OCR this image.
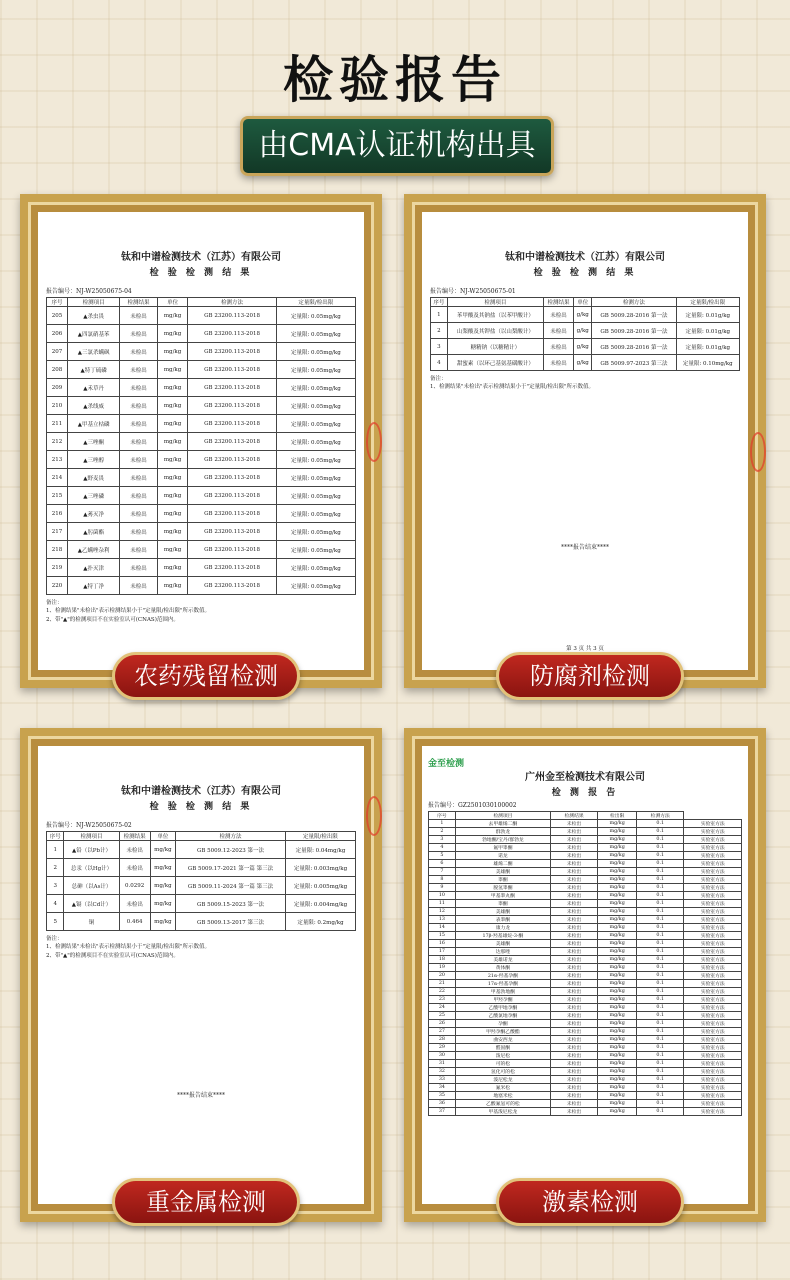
检验报告
由CMA认证机构出具
钛和中谱检测技术（江苏）有限公司
检 验 检 测 结 果
报告编号：NJ-W25050675-04
序号	检测项目	检测结果	单位	检测方法	定量限/检出限
205	▲杀虫畏	未检出	mg/kg	GB 23200.113-2018	定量限: 0.05mg/kg
206	▲四氯硝基苯	未检出	mg/kg	GB 23200.113-2018	定量限: 0.05mg/kg
207	▲三氯杀螨砜	未检出	mg/kg	GB 23200.113-2018	定量限: 0.05mg/kg
208	▲特丁硫磷	未检出	mg/kg	GB 23200.113-2018	定量限: 0.05mg/kg
209	▲禾草丹	未检出	mg/kg	GB 23200.113-2018	定量限: 0.05mg/kg
210	▲杀线威	未检出	mg/kg	GB 23200.113-2018	定量限: 0.05mg/kg
211	▲甲基立枯磷	未检出	mg/kg	GB 23200.113-2018	定量限: 0.05mg/kg
212	▲三唑酮	未检出	mg/kg	GB 23200.113-2018	定量限: 0.05mg/kg
213	▲三唑醇	未检出	mg/kg	GB 23200.113-2018	定量限: 0.05mg/kg
214	▲野麦畏	未检出	mg/kg	GB 23200.113-2018	定量限: 0.05mg/kg
215	▲三唑磷	未检出	mg/kg	GB 23200.113-2018	定量限: 0.05mg/kg
216	▲莠灭净	未检出	mg/kg	GB 23200.113-2018	定量限: 0.05mg/kg
217	▲肟菌酯	未检出	mg/kg	GB 23200.113-2018	定量限: 0.05mg/kg
218	▲乙螨唑杂利	未检出	mg/kg	GB 23200.113-2018	定量限: 0.05mg/kg
219	▲扑灭津	未检出	mg/kg	GB 23200.113-2018	定量限: 0.05mg/kg
220	▲特丁净	未检出	mg/kg	GB 23200.113-2018	定量限: 0.05mg/kg
备注：
1、检测结果"未检出"表示检测结果小于"定量限/检出限"所示数值。
2、带"▲"的检测项目不在实验室认可(CNAS)范围内。
农药残留检测
钛和中谱检测技术（江苏）有限公司
检 验 检 测 结 果
报告编号：NJ-W25050675-01
序号	检测项目	检测结果	单位	检测方法	定量限/检出限
1	苯甲酸及其钠盐（以苯甲酸计）	未检出	g/kg	GB 5009.28-2016 第一法	定量限: 0.01g/kg
2	山梨酸及其钾盐（以山梨酸计）	未检出	g/kg	GB 5009.28-2016 第一法	定量限: 0.01g/kg
3	糖精钠（以糖精计）	未检出	g/kg	GB 5009.28-2016 第一法	定量限: 0.01g/kg
4	甜蜜素（以环己基氨基磺酸计）	未检出	g/kg	GB 5009.97-2023 第三法	定量限: 0.10mg/kg
备注：
1、检测结果"未检出"表示检测结果小于"定量限/检出限"所示数值。
****报告结束****
第 3 页 共 3 页
防腐剂检测
钛和中谱检测技术（江苏）有限公司
检 验 检 测 结 果
报告编号：NJ-W25050675-02
序号	检测项目	检测结果	单位	检测方法	定量限/检出限
1	▲铅（以Pb计）	未检出	mg/kg	GB 5009.12-2023 第一法	定量限: 0.04mg/kg
2	总汞（以Hg计）	未检出	mg/kg	GB 5009.17-2021 第一篇 第三法	定量限: 0.003mg/kg
3	总砷（以As计）	0.0292	mg/kg	GB 5009.11-2024 第一篇 第三法	定量限: 0.005mg/kg
4	▲镉（以Cd计）	未检出	mg/kg	GB 5009.15-2023 第一法	定量限: 0.004mg/kg
5	铜	0.464	mg/kg	GB 5009.13-2017 第三法	定量限: 0.2mg/kg
备注：
1、检测结果"未检出"表示检测结果小于"定量限/检出限"所示数值。
2、带"▲"的检测项目不在实验室认可(CNAS)范围内。
****报告结束****
重金属检测
金至检测
广州金至检测技术有限公司
检 测 报 告
报告编号：GZ2501030100002
序号	检测项目	检测结果	检出限	检测方法	
1	去甲雄烯二酮	未检出	mg/kg	0.1	实验室方法
2	群勃龙	未检出	mg/kg	0.1	实验室方法
3	勃地酮/宝丹/群勃龙	未检出	mg/kg	0.1	实验室方法
4	氟甲睾酮	未检出	mg/kg	0.1	实验室方法
5	诺龙	未检出	mg/kg	0.1	实验室方法
6	雄烯二酮	未检出	mg/kg	0.1	实验室方法
7	美雄酮	未检出	mg/kg	0.1	实验室方法
8	睾酮	未检出	mg/kg	0.1	实验室方法
9	脱氢睾酮	未检出	mg/kg	0.1	实验室方法
10	甲基睾丸酮	未检出	mg/kg	0.1	实验室方法
11	睾酮	未检出	mg/kg	0.1	实验室方法
12	美雄酮	未检出	mg/kg	0.1	实验室方法
13	表睾酮	未检出	mg/kg	0.1	实验室方法
14	康力龙	未检出	mg/kg	0.1	实验室方法
15	17β-羟基雄烷-3-酮	未检出	mg/kg	0.1	实验室方法
16	美雄酮	未检出	mg/kg	0.1	实验室方法
17	达那唑	未检出	mg/kg	0.1	实验室方法
18	美雄诺龙	未检出	mg/kg	0.1	实验室方法
19	黄体酮	未检出	mg/kg	0.1	实验室方法
20	21α-羟基孕酮	未检出	mg/kg	0.1	实验室方法
21	17α-羟基孕酮	未检出	mg/kg	0.1	实验室方法
22	甲基勃地酮	未检出	mg/kg	0.1	实验室方法
23	甲羟孕酮	未检出	mg/kg	0.1	实验室方法
24	乙酸甲地孕酮	未检出	mg/kg	0.1	实验室方法
25	乙酸氯地孕酮	未检出	mg/kg	0.1	实验室方法
26	孕酮	未检出	mg/kg	0.1	实验室方法
27	甲羟孕酮乙酸酯	未检出	mg/kg	0.1	实验室方法
28	曲安西龙	未检出	mg/kg	0.1	实验室方法
29	醛固酮	未检出	mg/kg	0.1	实验室方法
30	泼尼松	未检出	mg/kg	0.1	实验室方法
31	可的松	未检出	mg/kg	0.1	实验室方法
32	氢化可的松	未检出	mg/kg	0.1	实验室方法
33	泼尼松龙	未检出	mg/kg	0.1	实验室方法
34	氟米松	未检出	mg/kg	0.1	实验室方法
35	地塞米松	未检出	mg/kg	0.1	实验室方法
36	乙酸氟氢可的松	未检出	mg/kg	0.1	实验室方法
37	甲基泼尼松龙	未检出	mg/kg	0.1	实验室方法
激素检测
